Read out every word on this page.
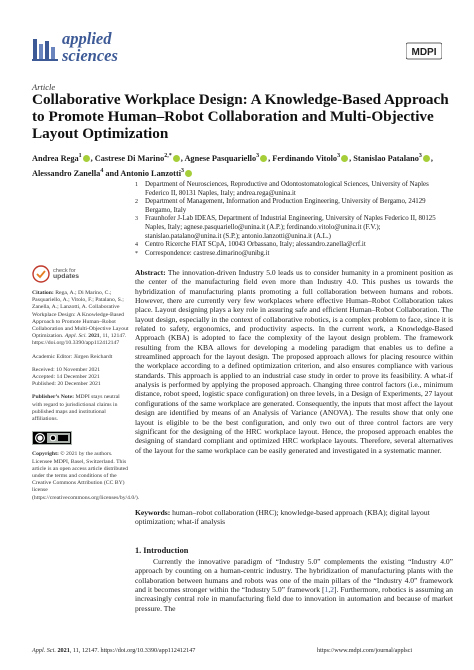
applied
sciences	MDPI
Article
Collaborative Workplace Design: A Knowledge-Based Approach to Promote Human–Robot Collaboration and Multi-Objective Layout Optimization
Andrea Rega$^1$ , Castrese Di Marino$^{2,*}$ , Agnese Pasquariello$^3$ , Ferdinando Vitolo$^3$ , Stanislao Patalano$^3$ , Alessandro Zanella$^4$ and Antonio Lanzotti$^3$
1	Department of Neurosciences, Reproductive and Odontostomatological Sciences, University of Naples Federico II, 80131 Naples, Italy; andrea.rega@unina.it
2	Department of Management, Information and Production Engineering, University of Bergamo, 24129 Bergamo, Italy
3	Fraunhofer J-Lab IDEAS, Department of Industrial Engineering, University of Naples Federico II, 80125 Naples, Italy; agnese.pasquariello@unina.it (A.P.); ferdinando.vitolo@unina.it (F.V.); stanislao.patalano@unina.it (S.P.); antonio.lanzotti@unina.it (A.L.)
4	Centro Ricerche FIAT SCpA, 10043 Orbassano, Italy; alessandro.zanella@crf.it
*	Correspondence: castrese.dimarino@unibg.it
check for
updates
Citation: Rega, A.; Di Marino, C.; Pasquariello, A.; Vitolo, F.; Patalano, S.; Zanella, A.; Lanzotti, A. Collaborative Workplace Design: A Knowledge-Based Approach to Promote Human–Robot Collaboration and Multi-Objective Layout Optimization. Appl. Sci. 2021, 11, 12147. https://doi.org/10.3390/app112412147
Academic Editor: Jürgen Reichardt
Received: 10 November 2021
Accepted: 14 December 2021
Published: 20 December 2021
Publisher’s Note: MDPI stays neutral with regard to jurisdictional claims in published maps and institutional affiliations.
Copyright: © 2021 by the authors. Licensee MDPI, Basel, Switzerland. This article is an open access article distributed under the terms and conditions of the Creative Commons Attribution (CC BY) license (https://creativecommons.org/licenses/by/4.0/).
Abstract: The innovation-driven Industry 5.0 leads us to consider humanity in a prominent position as the center of the manufacturing field even more than Industry 4.0. This pushes us towards the hybridization of manufacturing plants promoting a full collaboration between humans and robots. However, there are currently very few workplaces where effective Human–Robot Collaboration takes place. Layout designing plays a key role in assuring safe and efficient Human–Robot Collaboration. The layout design, especially in the context of collaborative robotics, is a complex problem to face, since it is related to safety, ergonomics, and productivity aspects. In the current work, a Knowledge-Based Approach (KBA) is adopted to face the complexity of the layout design problem. The framework resulting from the KBA allows for developing a modeling paradigm that enables us to define a streamlined approach for the layout design. The proposed approach allows for placing resource within the workplace according to a defined optimization criterion, and also ensures compliance with various standards. This approach is applied to an industrial case study in order to prove its feasibility. A what-if analysis is performed by applying the proposed approach. Changing three control factors (i.e., minimum distance, robot speed, logistic space configuration) on three levels, in a Design of Experiments, 27 layout configurations of the same workplace are generated. Consequently, the inputs that most affect the layout design are identified by means of an Analysis of Variance (ANOVA). The results show that only one layout is eligible to be the best configuration, and only two out of three control factors are very significant for the designing of the HRC workplace layout. Hence, the proposed approach enables the designing of standard compliant and optimized HRC workplace layouts. Therefore, several alternatives of the layout for the same workplace can be easily generated and investigated in a systematic manner.
Keywords: human–robot collaboration (HRC); knowledge-based approach (KBA); digital layout optimization; what-if analysis
1. Introduction
Currently the innovative paradigm of “Industry 5.0” complements the existing “Industry 4.0” approach by counting on a human-centric industry. The hybridization of manufacturing plants with the collaboration between humans and robots was one of the main pillars of the “Industry 4.0” framework and it becomes stronger within the “Industry 5.0” framework [1,2]. Furthermore, robotics is assuming an increasingly central role in manufacturing field due to innovation in automation and because of market pressure. The
Appl. Sci. 2021, 11, 12147. https://doi.org/10.3390/app112412147	https://www.mdpi.com/journal/applsci
